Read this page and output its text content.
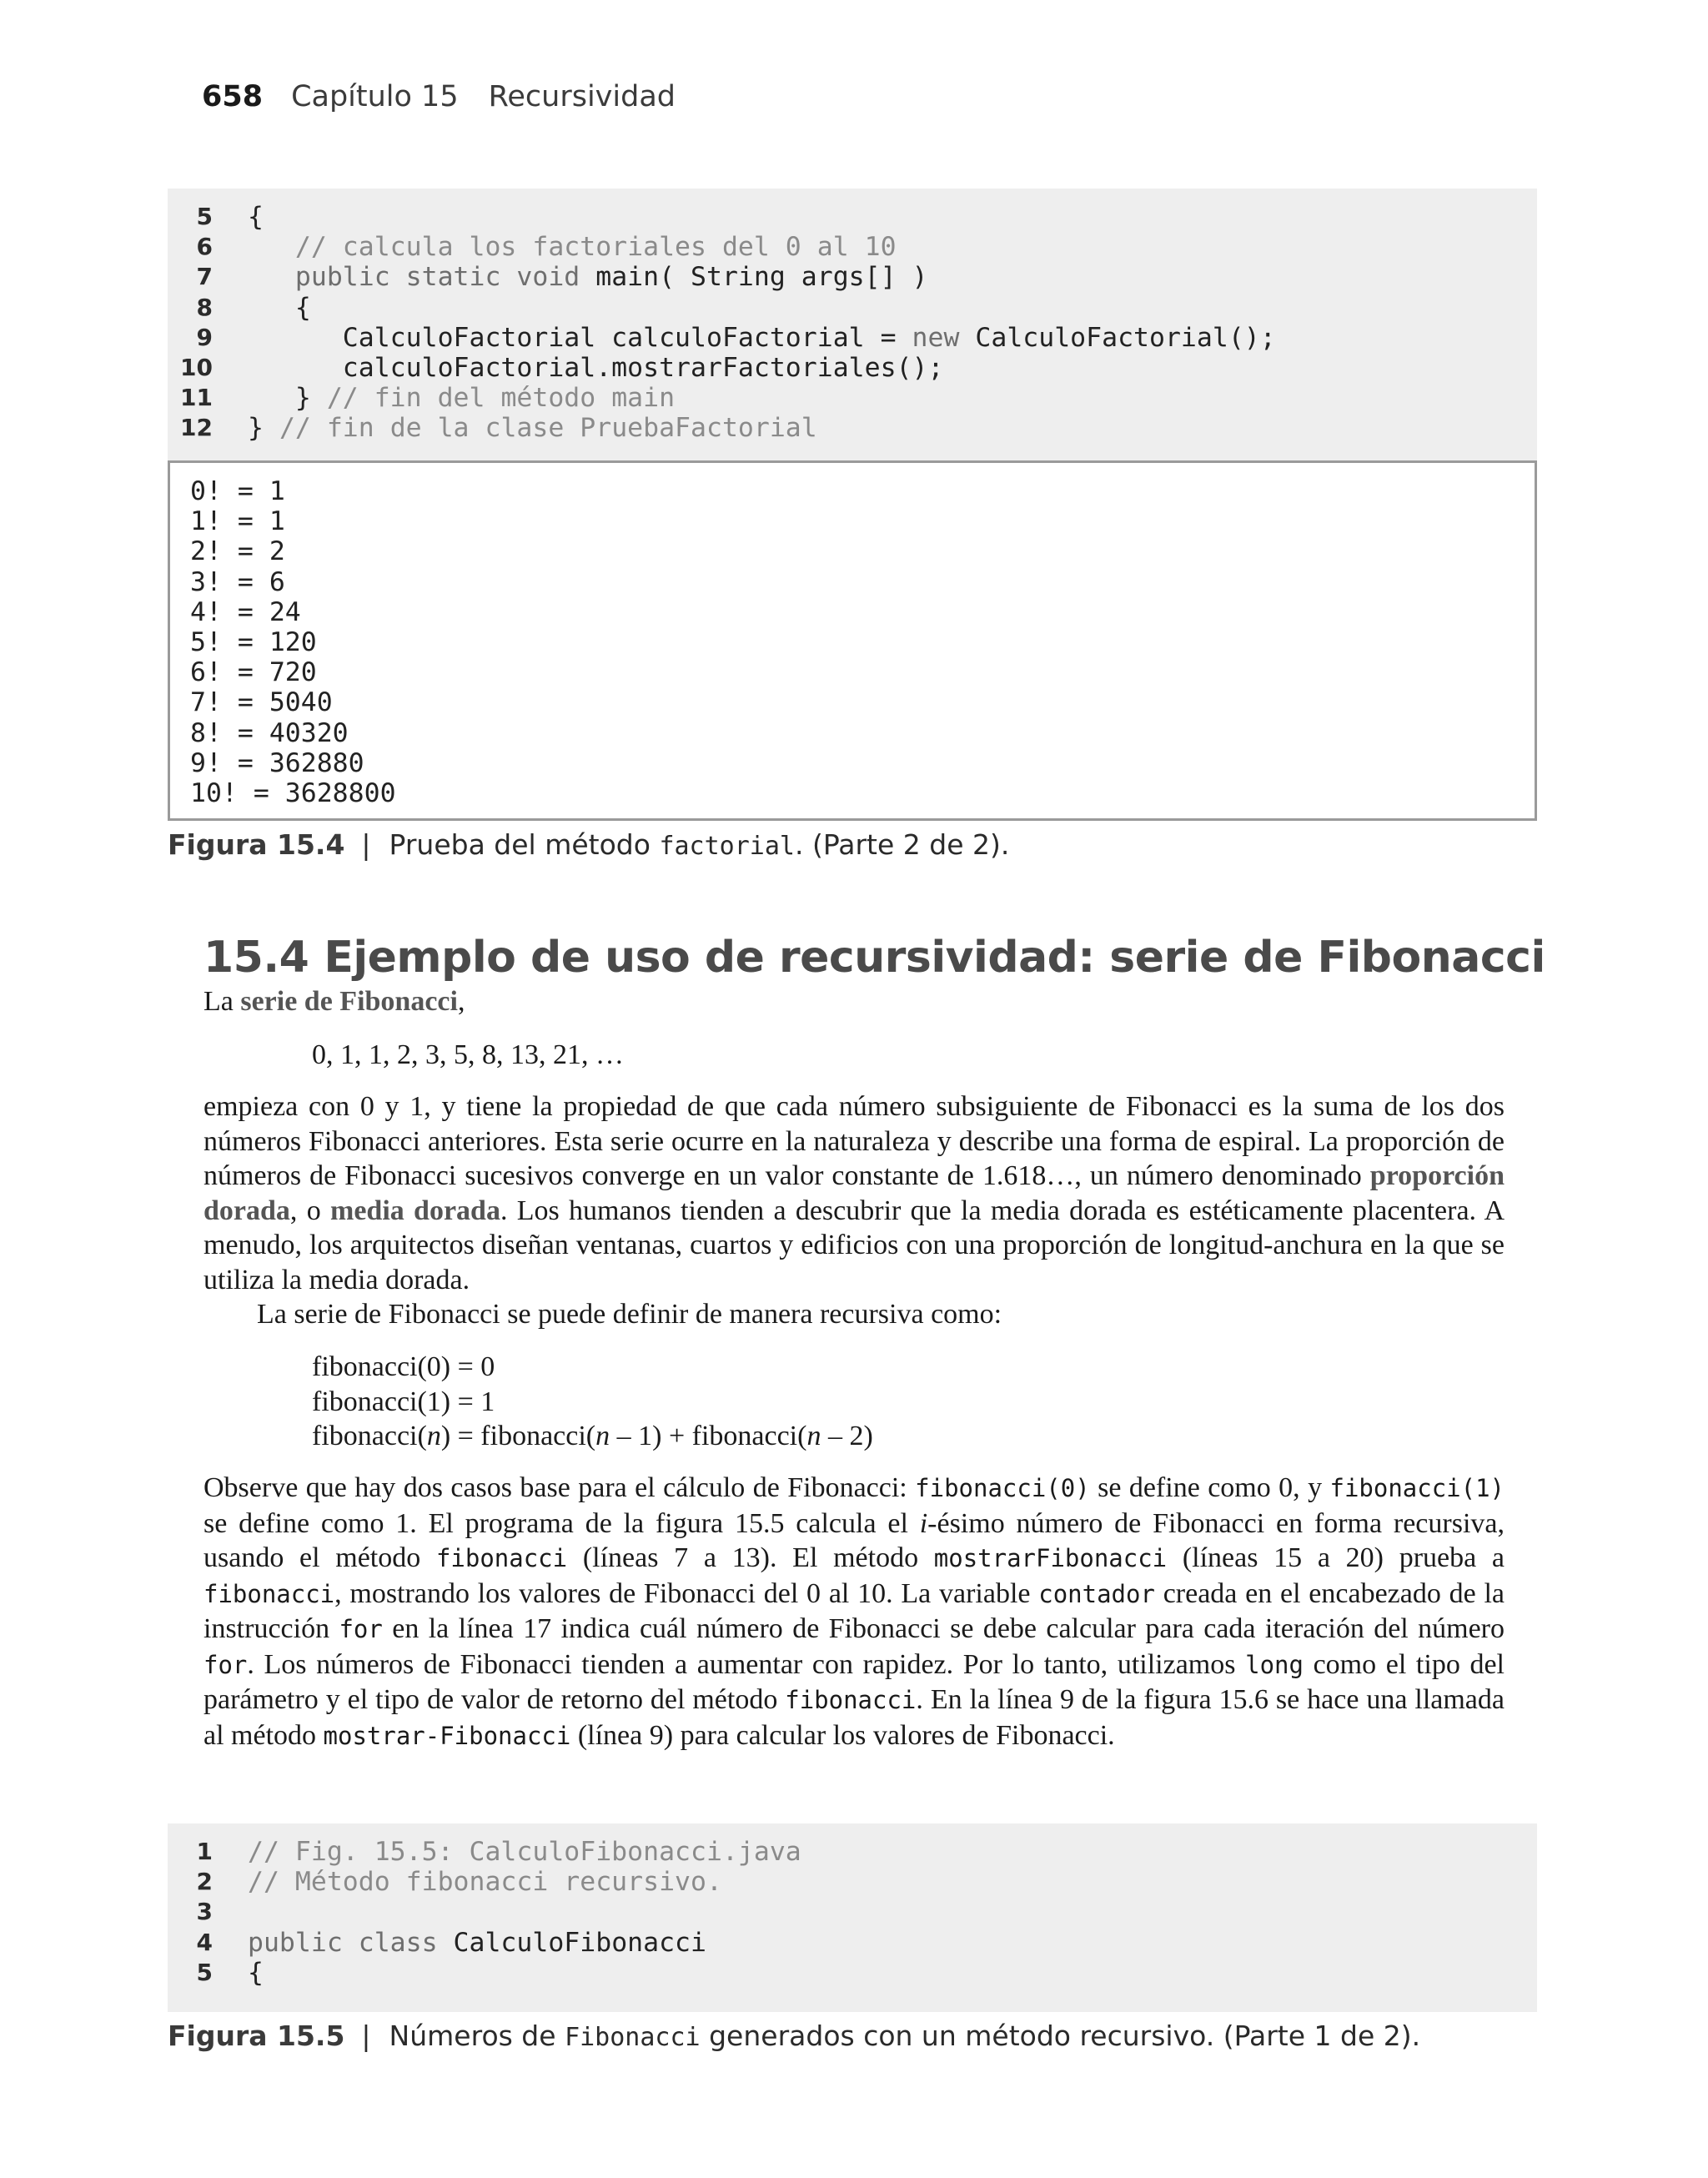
658 Capítulo 15 Recursividad
5 {
6 // calcula los factoriales del 0 al 10
7 public static void main( String args[] )
8 {
9 CalculoFactorial calculoFactorial = new CalculoFactorial();
10 calculoFactorial.mostrarFactoriales();
11 } // fin del método main
12 } // fin de la clase PruebaFactorial
0! = 1
1! = 1
2! = 2
3! = 6
4! = 24
5! = 120
6! = 720
7! = 5040
8! = 40320
9! = 362880
10! = 3628800
Figura 15.4 | Prueba del método factorial. (Parte 2 de 2).
15.4 Ejemplo de uso de recursividad: serie de Fibonacci
La serie de Fibonacci,
0, 1, 1, 2, 3, 5, 8, 13, 21, …
empieza con 0 y 1, y tiene la propiedad de que cada número subsiguiente de Fibonacci es la suma de los dos números Fibonacci anteriores. Esta serie ocurre en la naturaleza y describe una forma de espiral. La proporción de números de Fibonacci sucesivos converge en un valor constante de 1.618…, un número denominado proporción dorada, o media dorada. Los humanos tienden a descubrir que la media dorada es estéticamente placentera. A menudo, los arquitectos diseñan ventanas, cuartos y edificios con una proporción de longitud-anchura en la que se utiliza la media dorada.
La serie de Fibonacci se puede definir de manera recursiva como:
fibonacci(0) = 0
fibonacci(1) = 1
fibonacci(n) = fibonacci(n – 1) + fibonacci(n – 2)
Observe que hay dos casos base para el cálculo de Fibonacci: fibonacci(0) se define como 0, y fibonacci(1) se define como 1. El programa de la figura 15.5 calcula el i-ésimo número de Fibonacci en forma recursiva, usando el método fibonacci (líneas 7 a 13). El método mostrarFibonacci (líneas 15 a 20) prueba a fibonacci, mostrando los valores de Fibonacci del 0 al 10. La variable contador creada en el encabezado de la instrucción for en la línea 17 indica cuál número de Fibonacci se debe calcular para cada iteración del número for. Los números de Fibonacci tienden a aumentar con rapidez. Por lo tanto, utilizamos long como el tipo del parámetro y el tipo de valor de retorno del método fibonacci. En la línea 9 de la figura 15.6 se hace una llamada al método mostrar-Fibonacci (línea 9) para calcular los valores de Fibonacci.
1 // Fig. 15.5: CalculoFibonacci.java
2 // Método fibonacci recursivo.
3
4 public class CalculoFibonacci
5 {
Figura 15.5 | Números de Fibonacci generados con un método recursivo. (Parte 1 de 2).
